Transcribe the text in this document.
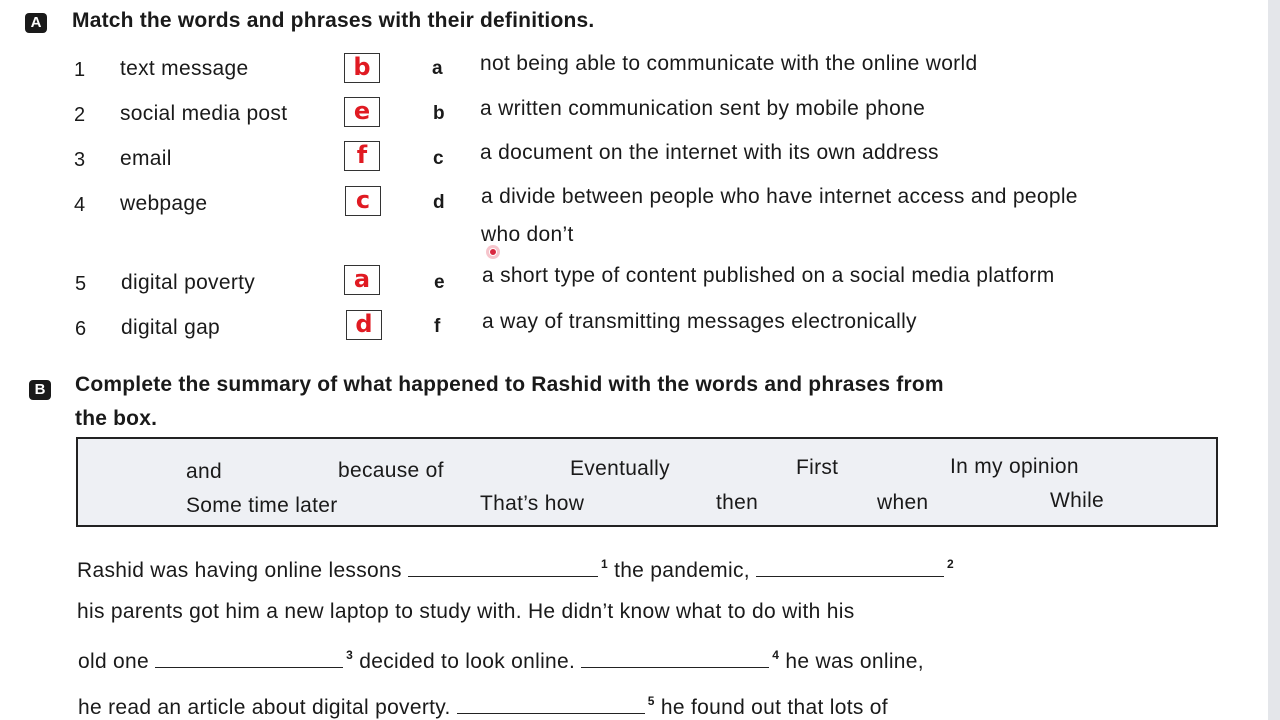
A Match the words and phrases with their definitions.
1 text message	b
2 social media post	e
3 email	f
4 webpage	c
5 digital poverty	a
6 digital gap	d
a not being able to communicate with the online world
b a written communication sent by mobile phone
c a document on the internet with its own address
d a divide between people who have internet access and people
who don’t
e a short type of content published on a social media platform
f a way of transmitting messages electronically
B Complete the summary of what happened to Rashid with the words and phrases from
the box.
and	because of	Eventually	First	In my opinion
Some time later	That’s how	then	when	While
Rashid was having online lessons	$^1$ the pandemic,	$^2$
his parents got him a new laptop to study with. He didn’t know what to do with his
old one	$^3$ decided to look online.	$^4$ he was online,
he read an article about digital poverty.	$^5$ he found out that lots of
